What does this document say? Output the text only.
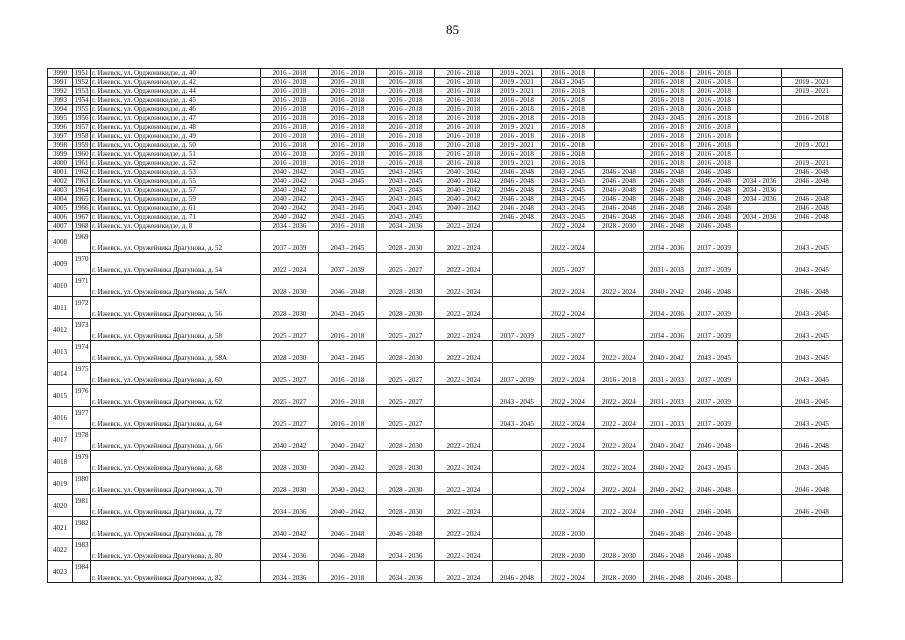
85
3990	1951	г. Ижевск, ул. Орджоникидзе, д. 40	2016 - 2018	2016 - 2018	2016 - 2018	2016 - 2018	2019 - 2021	2016 - 2018		2016 - 2018	2016 - 2018		
3991	1952	г. Ижевск, ул. Орджоникидзе, д. 42	2016 - 2018	2016 - 2018	2016 - 2018	2016 - 2018	2019 - 2021	2043 - 2045		2016 - 2018	2016 - 2018		2019 - 2021
3992	1953	г. Ижевск, ул. Орджоникидзе, д. 44	2016 - 2018	2016 - 2018	2016 - 2018	2016 - 2018	2019 - 2021	2016 - 2018		2016 - 2018	2016 - 2018		2019 - 2021
3993	1954	г. Ижевск, ул. Орджоникидзе, д. 45	2016 - 2018	2016 - 2018	2016 - 2018	2016 - 2018	2016 - 2018	2016 - 2018		2016 - 2018	2016 - 2018		
3994	1955	г. Ижевск, ул. Орджоникидзе, д. 46	2016 - 2018	2016 - 2018	2016 - 2018	2016 - 2018	2016 - 2018	2016 - 2018		2016 - 2018	2016 - 2018		
3995	1956	г. Ижевск, ул. Орджоникидзе, д. 47	2016 - 2018	2016 - 2018	2016 - 2018	2016 - 2018	2016 - 2018	2016 - 2018		2043 - 2045	2016 - 2018		2016 - 2018
3996	1957	г. Ижевск, ул. Орджоникидзе, д. 48	2016 - 2018	2016 - 2018	2016 - 2018	2016 - 2018	2019 - 2021	2016 - 2018		2016 - 2018	2016 - 2018		
3997	1958	г. Ижевск, ул. Орджоникидзе, д. 49	2016 - 2018	2016 - 2018	2016 - 2018	2016 - 2018	2016 - 2018	2016 - 2018		2016 - 2018	2016 - 2018		
3998	1959	г. Ижевск, ул. Орджоникидзе, д. 50	2016 - 2018	2016 - 2018	2016 - 2018	2016 - 2018	2019 - 2021	2016 - 2018		2016 - 2018	2016 - 2018		2019 - 2021
3999	1960	г. Ижевск, ул. Орджоникидзе, д. 51	2016 - 2018	2016 - 2018	2016 - 2018	2016 - 2018	2016 - 2018	2016 - 2018		2016 - 2018	2016 - 2018		
4000	1961	г. Ижевск, ул. Орджоникидзе, д. 52	2016 - 2018	2016 - 2018	2016 - 2018	2016 - 2018	2019 - 2021	2016 - 2018		2016 - 2018	2016 - 2018		2019 - 2021
4001	1962	г. Ижевск, ул. Орджоникидзе, д. 53	2040 - 2042	2043 - 2045	2043 - 2045	2040 - 2042	2046 - 2048	2043 - 2045	2046 - 2048	2046 - 2048	2046 - 2048		2046 - 2048
4002	1963	г. Ижевск, ул. Орджоникидзе, д. 55	2040 - 2042	2043 - 2045	2043 - 2045	2040 - 2042	2046 - 2048	2043 - 2045	2046 - 2048	2046 - 2048	2046 - 2048	2034 - 2036	2046 - 2048
4003	1964	г. Ижевск, ул. Орджоникидзе, д. 57	2040 - 2042		2043 - 2045	2040 - 2042	2046 - 2048	2043 - 2045	2046 - 2048	2046 - 2048	2046 - 2048	2034 - 2036	
4004	1965	г. Ижевск, ул. Орджоникидзе, д. 59	2040 - 2042	2043 - 2045	2043 - 2045	2040 - 2042	2046 - 2048	2043 - 2045	2046 - 2048	2046 - 2048	2046 - 2048	2034 - 2036	2046 - 2048
4005	1966	г. Ижевск, ул. Орджоникидзе, д. 61	2040 - 2042	2043 - 2045	2043 - 2045	2040 - 2042	2046 - 2048	2043 - 2045	2046 - 2048	2046 - 2048	2046 - 2048		2046 - 2048
4006	1967	г. Ижевск, ул. Орджоникидзе, д. 71	2040 - 2042	2043 - 2045	2043 - 2045		2046 - 2048	2043 - 2045	2046 - 2048	2046 - 2048	2046 - 2048	2034 - 2036	2046 - 2048
4007	1968	г. Ижевск, ул. Орджоникидзе, д. 8	2034 - 2036	2016 - 2018	2034 - 2036	2022 - 2024		2022 - 2024	2028 - 2030	2046 - 2048	2046 - 2048		
4008	1969	г. Ижевск, ул. Оружейника Драгунова, д. 52	2037 - 2039	2043 - 2045	2028 - 2030	2022 - 2024		2022 - 2024		2034 - 2036	2037 - 2039		2043 - 2045
4009	1970	г. Ижевск, ул. Оружейника Драгунова, д. 54	2022 - 2024	2037 - 2039	2025 - 2027	2022 - 2024		2025 - 2027		2031 - 2033	2037 - 2039		2043 - 2045
4010	1971	г. Ижевск, ул. Оружейника Драгунова, д. 54А	2028 - 2030	2046 - 2048	2028 - 2030	2022 - 2024		2022 - 2024	2022 - 2024	2040 - 2042	2046 - 2048		2046 - 2048
4011	1972	г. Ижевск, ул. Оружейника Драгунова, д. 56	2028 - 2030	2043 - 2045	2028 - 2030	2022 - 2024		2022 - 2024		2034 - 2036	2037 - 2039		2043 - 2045
4012	1973	г. Ижевск, ул. Оружейника Драгунова, д. 58	2025 - 2027	2016 - 2018	2025 - 2027	2022 - 2024	2037 - 2039	2025 - 2027		2034 - 2036	2037 - 2039		2043 - 2045
4013	1974	г. Ижевск, ул. Оружейника Драгунова, д. 58А	2028 - 2030	2043 - 2045	2028 - 2030	2022 - 2024		2022 - 2024	2022 - 2024	2040 - 2042	2043 - 2045		2043 - 2045
4014	1975	г. Ижевск, ул. Оружейника Драгунова, д. 60	2025 - 2027	2016 - 2018	2025 - 2027	2022 - 2024	2037 - 2039	2022 - 2024	2016 - 2018	2031 - 2033	2037 - 2039		2043 - 2045
4015	1976	г. Ижевск, ул. Оружейника Драгунова, д. 62	2025 - 2027	2016 - 2018	2025 - 2027		2043 - 2045	2022 - 2024	2022 - 2024	2031 - 2033	2037 - 2039		2043 - 2045
4016	1977	г. Ижевск, ул. Оружейника Драгунова, д. 64	2025 - 2027	2016 - 2018	2025 - 2027		2043 - 2045	2022 - 2024	2022 - 2024	2031 - 2033	2037 - 2039		2043 - 2045
4017	1978	г. Ижевск, ул. Оружейника Драгунова, д. 66	2040 - 2042	2040 - 2042	2028 - 2030	2022 - 2024		2022 - 2024	2022 - 2024	2040 - 2042	2046 - 2048		2046 - 2048
4018	1979	г. Ижевск, ул. Оружейника Драгунова, д. 68	2028 - 2030	2040 - 2042	2028 - 2030	2022 - 2024		2022 - 2024	2022 - 2024	2040 - 2042	2043 - 2045		2043 - 2045
4019	1980	г. Ижевск, ул. Оружейника Драгунова, д. 70	2028 - 2030	2040 - 2042	2028 - 2030	2022 - 2024		2022 - 2024	2022 - 2024	2040 - 2042	2046 - 2048		2046 - 2048
4020	1981	г. Ижевск, ул. Оружейника Драгунова, д. 72	2034 - 2036	2040 - 2042	2028 - 2030	2022 - 2024		2022 - 2024	2022 - 2024	2040 - 2042	2046 - 2048		2046 - 2048
4021	1982	г. Ижевск, ул. Оружейника Драгунова, д. 78	2040 - 2042	2046 - 2048	2046 - 2048	2022 - 2024		2028 - 2030		2046 - 2048	2046 - 2048		
4022	1983	г. Ижевск, ул. Оружейника Драгунова, д. 80	2034 - 2036	2046 - 2048	2034 - 2036	2022 - 2024		2028 - 2030	2028 - 2030	2046 - 2048	2046 - 2048		
4023	1984	г. Ижевск, ул. Оружейника Драгунова, д. 82	2034 - 2036	2016 - 2018	2034 - 2036	2022 - 2024	2046 - 2048	2022 - 2024	2028 - 2030	2046 - 2048	2046 - 2048		
